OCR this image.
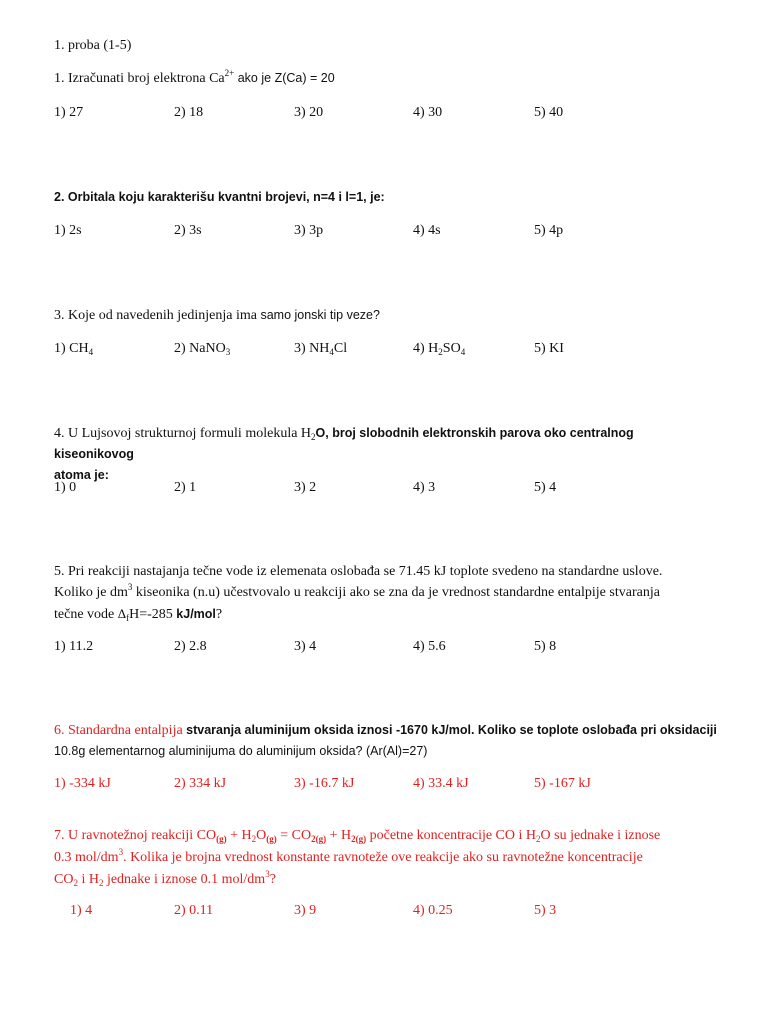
1. proba (1-5)
1. Izračunati broj elektrona $Ca^{2+}$ ako je Z(Ca) = 20
1) 27	2) 18	3) 20	4) 30	5) 40
2. Orbitala koju karakterišu kvantni brojevi, n=4 i l=1, je:
1) 2s	2) 3s	3) 3p	4) 4s	5) 4p
3. Koje od navedenih jedinjenja ima samo jonski tip veze?
1) $CH_4$	2) NaNO$_3$	3) $NH_4Cl$	4) $H_2SO_4$	5) KI
4. U Lujsovoj strukturnoj formuli molekula $H_2O$, broj slobodnih elektronskih parova oko centralnog kiseonikovog
atoma je:
1) 0	2) 1	3) 2	4) 3	5) 4
5. Pri reakciji nastajanja tečne vode iz elemenata oslobađa se 71.45 kJ toplote svedeno na standardne uslove.
Koliko je $dm^3$ kiseonika (n.u) učestvovalo u reakciji ako se zna da je vrednost standardne entalpije stvaranja
tečne vode $\Delta_fH=-285$ kJ/mol?
1) 11.2	2) 2.8	3) 4	4) 5.6	5) 8
6. Standardna entalpija stvaranja aluminijum oksida iznosi -1670 kJ/mol. Koliko se toplote oslobađa pri oksidaciji
10.8g elementarnog aluminijuma do aluminijum oksida? (Ar(Al)=27)
1) -334 kJ	2) 334 kJ	3) -16.7 kJ	4) 33.4 kJ	5) -167 kJ
7. U ravnotežnoj reakciji $CO_{(g)} + H_2O_{(g)} = CO_{2(g)} + H_{2(g)}$ početne koncentracije CO i $H_2O$ su jednake i iznose
0.3 mol/$dm^3$. Kolika je brojna vrednost konstante ravnoteže ove reakcije ako su ravnotežne koncentracije
$CO_2$ i $H_2$ jednake i iznose 0.1 mol/$dm^3$?
1) 4	2) 0.11	3) 9	4) 0.25	5) 3
